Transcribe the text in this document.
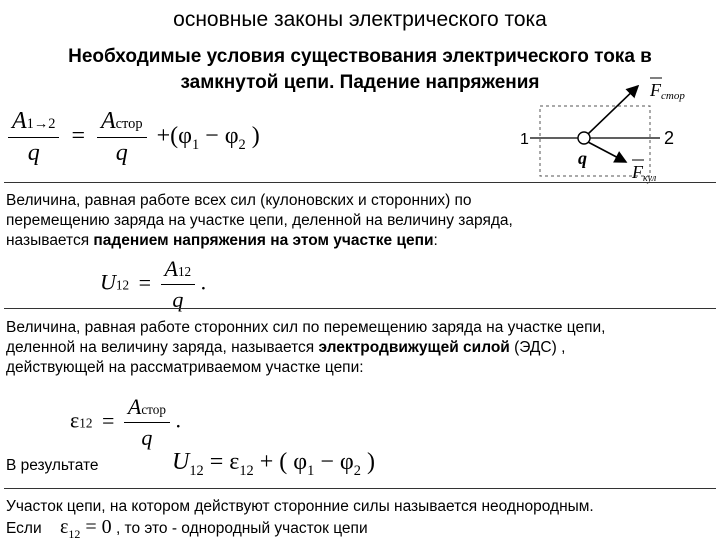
основные законы электрического тока
Необходимые условия существования электрического тока в
замкнутой цепи. Падение напряжения
$\frac{A1\to 2}{q} = \frac{\text{Aстор}}{q} +(\varphi_1 - \varphi_2$ )	1	2
q
Fстор
Fкул
Величина, равная работе всех сил (кулоновских и сторонних) по
перемещению заряда на участке цепи, деленной на величину заряда,
называется падением напряжения на этом участке цепи:
$U12 = \frac{A12}{q}$ .
Величина, равная работе сторонних сил по перемещению заряда на участке цепи,
деленной на величину заряда, называется электродвижущей силой (ЭДС) ,
действующей на рассматриваемом участке цепи:
$\varepsilon 12 = \frac{\text{Aстор}}{q}$ .
В результате	$U_{12} = \varepsilon_{12}$ + ( $\varphi_1 - \varphi_2$ )
Участок цепи, на котором действуют сторонние силы называется неоднородным.
Если $\varepsilon_{12} = 0$ , то это - однородный участок цепи
